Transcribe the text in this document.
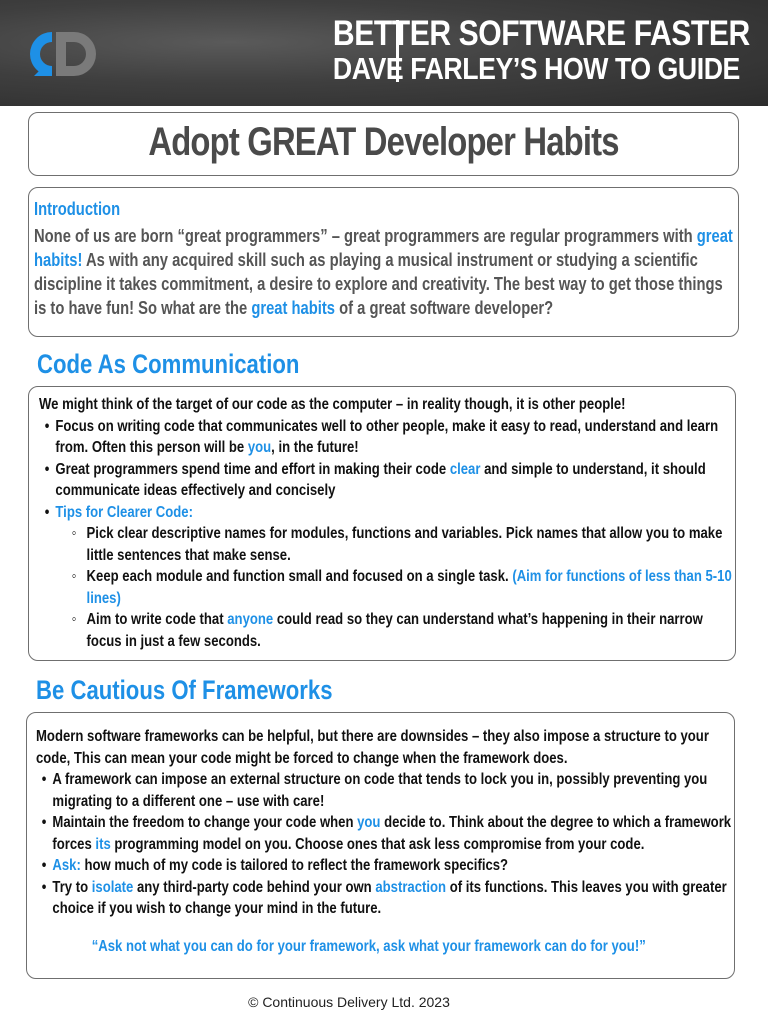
BETTER SOFTWARE FASTER
DAVE FARLEY’S HOW TO GUIDE
Adopt GREAT Developer Habits
Introduction
None of us are born “great programmers” – great programmers are regular programmers with great habits! As with any acquired skill such as playing a musical instrument or studying a scientific discipline it takes commitment, a desire to explore and creativity. The best way to get those things is to have fun! So what are the great habits of a great software developer?
Code As Communication
We might think of the target of our code as the computer – in reality though, it is other people!
• Focus on writing code that communicates well to other people, make it easy to read, understand and learn from. Often this person will be you, in the future!
• Great programmers spend time and effort in making their code clear and simple to understand, it should communicate ideas effectively and concisely
• Tips for Clearer Code:
◦ Pick clear descriptive names for modules, functions and variables. Pick names that allow you to make little sentences that make sense.
◦ Keep each module and function small and focused on a single task. (Aim for functions of less than 5-10 lines)
◦ Aim to write code that anyone could read so they can understand what’s happening in their narrow focus in just a few seconds.
Be Cautious Of Frameworks
Modern software frameworks can be helpful, but there are downsides – they also impose a structure to your code, This can mean your code might be forced to change when the framework does.
• A framework can impose an external structure on code that tends to lock you in, possibly preventing you migrating to a different one – use with care!
• Maintain the freedom to change your code when you decide to. Think about the degree to which a framework forces its programming model on you. Choose ones that ask less compromise from your code.
• Ask: how much of my code is tailored to reflect the framework specifics?
• Try to isolate any third-party code behind your own abstraction of its functions. This leaves you with greater choice if you wish to change your mind in the future.
“Ask not what you can do for your framework, ask what your framework can do for you!”
© Continuous Delivery Ltd. 2023
